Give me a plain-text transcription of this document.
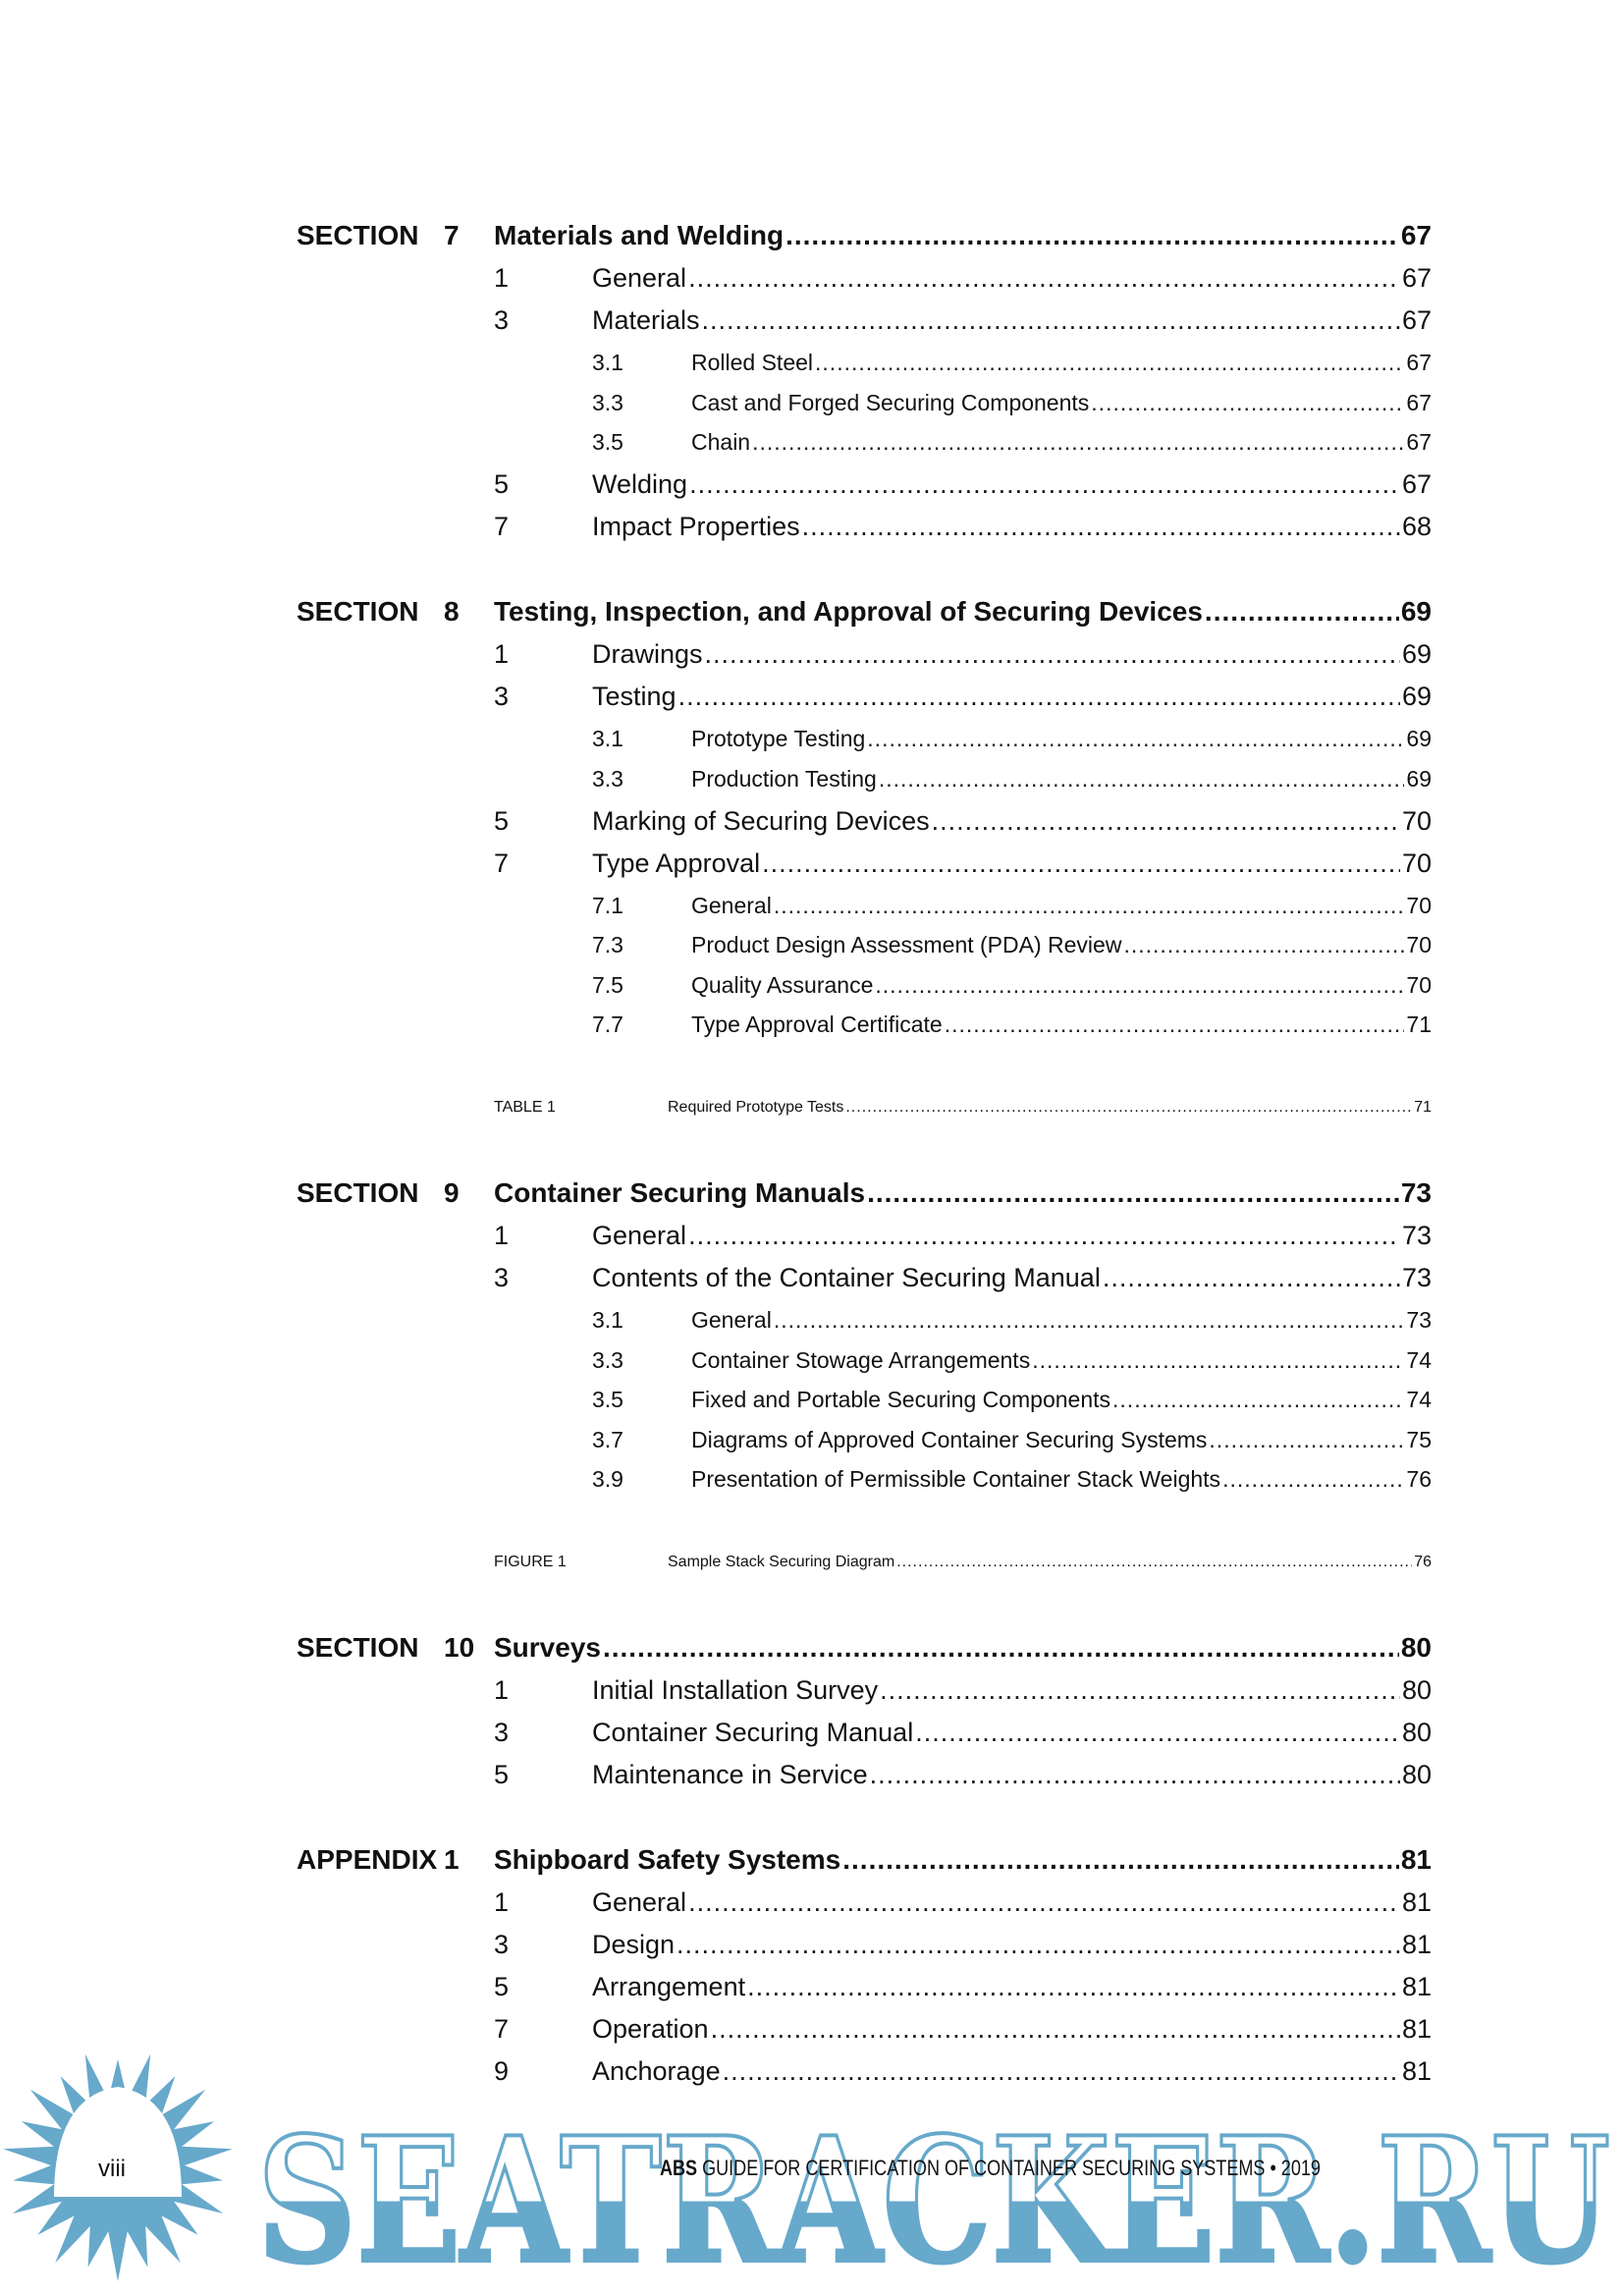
SECTION 7 Materials and Welding .....	67
1	General .....	67
3	Materials .....	67
3.1	Rolled Steel .....	67
3.3	Cast and Forged Securing Components .....	67
3.5	Chain .....	67
5	Welding .....	67
7	Impact Properties .....	68
SECTION 8 Testing, Inspection, and Approval of Securing Devices .....	69
1	Drawings .....	69
3	Testing .....	69
3.1	Prototype Testing .....	69
3.3	Production Testing .....	69
5	Marking of Securing Devices .....	70
7	Type Approval .....	70
7.1	General .....	70
7.3	Product Design Assessment (PDA) Review .....	70
7.5	Quality Assurance .....	70
7.7	Type Approval Certificate .....	71
TABLE 1	Required Prototype Tests .....	71
SECTION 9 Container Securing Manuals .....	73
1	General .....	73
3	Contents of the Container Securing Manual .....	73
3.1	General .....	73
3.3	Container Stowage Arrangements .....	74
3.5	Fixed and Portable Securing Components .....	74
3.7	Diagrams of Approved Container Securing Systems .....	75
3.9	Presentation of Permissible Container Stack Weights .....	76
FIGURE 1	Sample Stack Securing Diagram .....	76
SECTION 10 Surveys .....	80
1	Initial Installation Survey .....	80
3	Container Securing Manual .....	80
5	Maintenance in Service .....	80
APPENDIX 1 Shipboard Safety Systems .....	81
1	General .....	81
3	Design .....	81
5	Arrangement .....	81
7	Operation .....	81
9	Anchorage .....	81
SEATRACKER.RU
viii	ABS GUIDE FOR CERTIFICATION OF CONTAINER SECURING SYSTEMS • 2019
